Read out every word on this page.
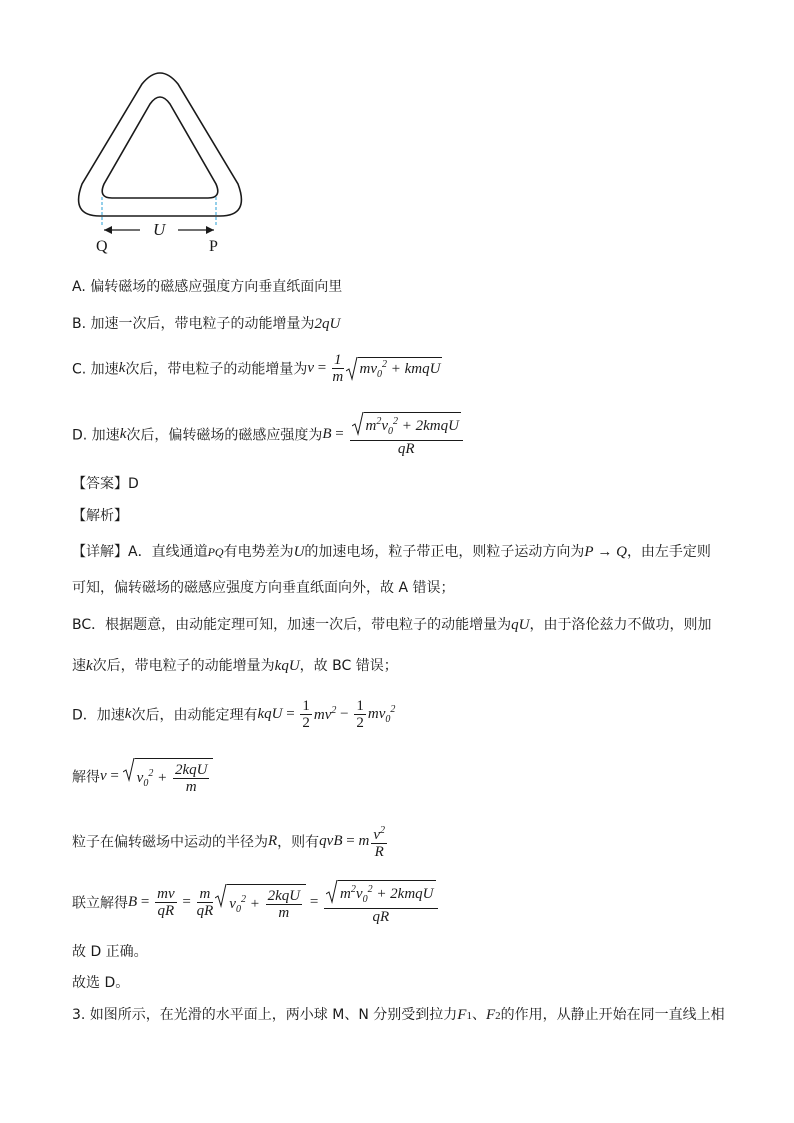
U
Q	P
A. 偏转磁场的磁感应强度方向垂直纸面向里
B. 加速一次后，带电粒子的动能增量为2qU
C. 加速k次后，带电粒子的动能增量为$v = \frac{1}{m} mv_0^2$ + kmqU
D. 加速k次后，偏转磁场的磁感应强度为$B = \frac{m^2v_0^2 + 2kmqU}{qR}$
【答案】D
【解析】
【详解】A．直线通道PQ有电势差为U的加速电场，粒子带正电，则粒子运动方向为P → Q，由左手定则
可知，偏转磁场的磁感应强度方向垂直纸面向外，故 A 错误；
BC．根据题意，由动能定理可知，加速一次后，带电粒子的动能增量为qU，由于洛伦兹力不做功，则加
速k次后，带电粒子的动能增量为kqU，故 BC 错误；
D．加速k次后，由动能定理有kqU = $\frac{1}{2} mv^2 - \frac{1}{2} mv_0^2$
解得v =
$v_0^2 + \frac{\text{2kqU}}{m}$
粒子在偏转磁场中运动的半径为R，则有qvB = m $\frac{v^2}{R}$
联立解得$B = \frac{mv}{qR} = \frac{m}{qR} v_0^2 + \frac{\text{2kqU}}{m} = \frac{m^2v_0^2 + 2kmqU}{qR}$
故 D 正确。
故选 D。
3. 如图所示，在光滑的水平面上，两小球 M、N 分别受到拉力F1、F2的作用，从静止开始在同一直线上相
